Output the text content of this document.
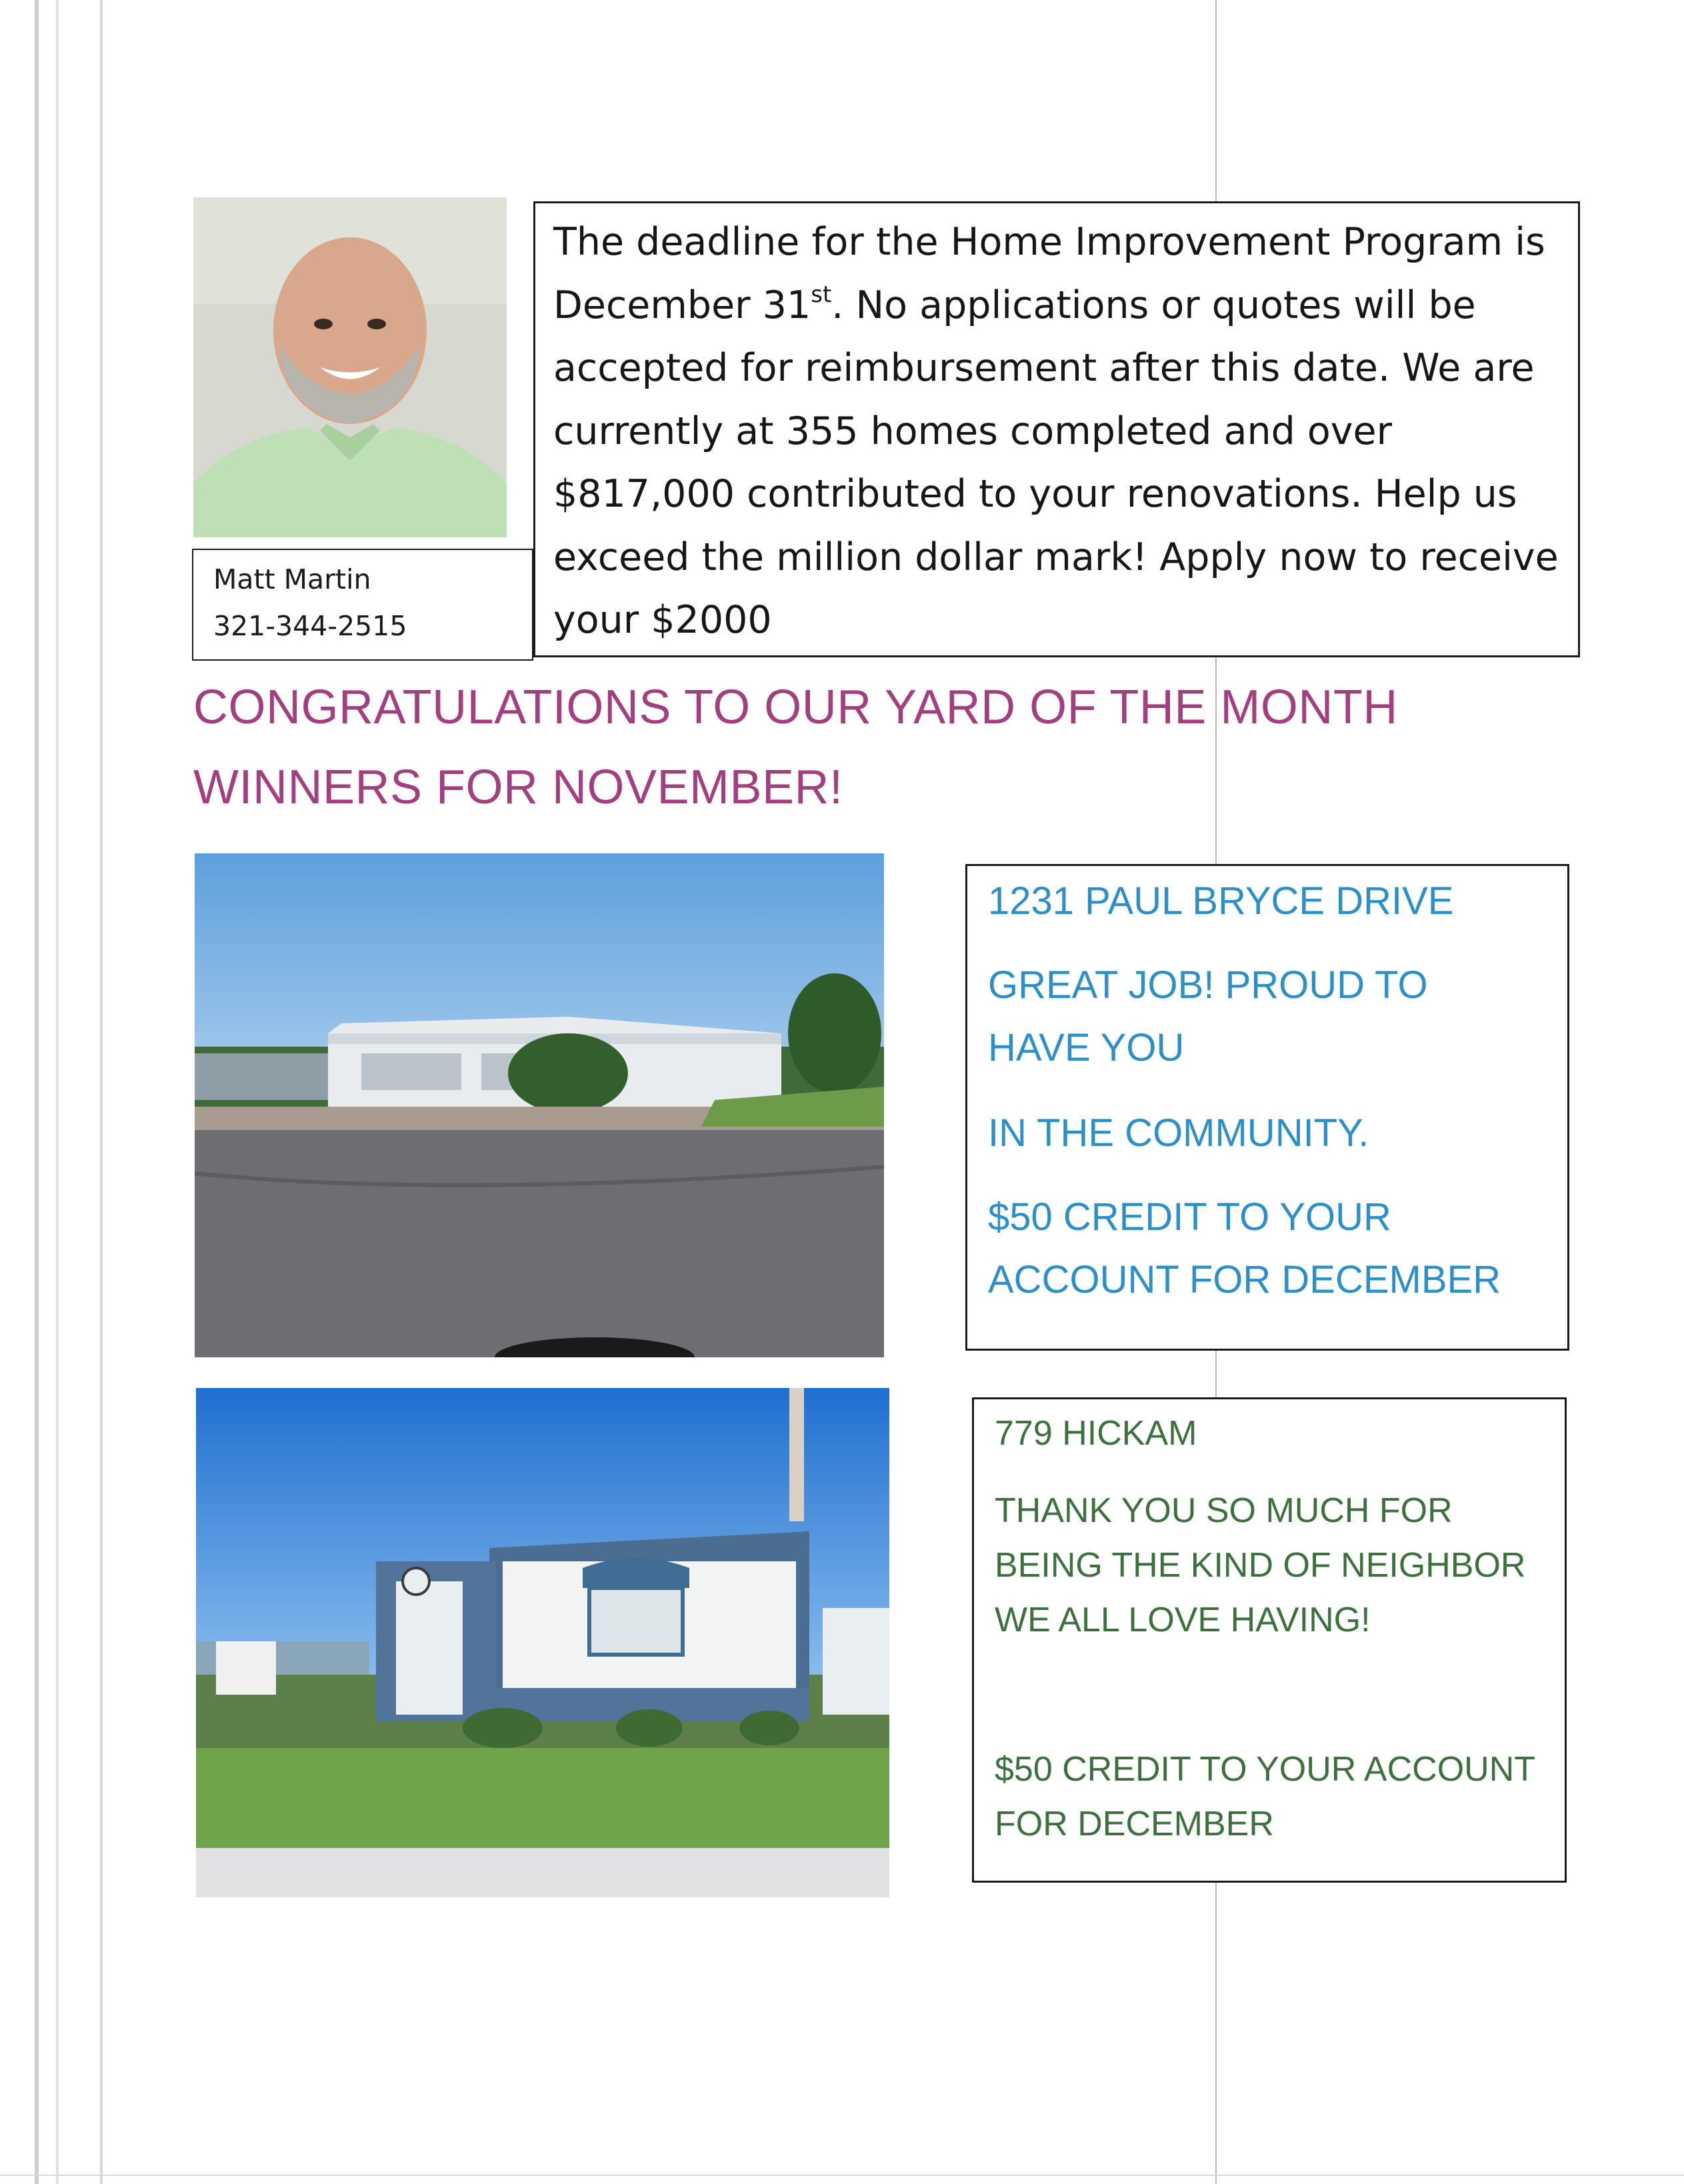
Matt Martin
321-344-2515
The deadline for the Home Improvement Program is
December 31st. No applications or quotes will be
accepted for reimbursement after this date. We are
currently at 355 homes completed and over
$817,000 contributed to your renovations. Help us
exceed the million dollar mark! Apply now to receive
your $2000
CONGRATULATIONS TO OUR YARD OF THE MONTH
WINNERS FOR NOVEMBER!
1231 PAUL BRYCE DRIVE
GREAT JOB! PROUD TO
HAVE YOU
IN THE COMMUNITY.
$50 CREDIT TO YOUR
ACCOUNT FOR DECEMBER
779 HICKAM
THANK YOU SO MUCH FOR
BEING THE KIND OF NEIGHBOR
WE ALL LOVE HAVING!
$50 CREDIT TO YOUR ACCOUNT
FOR DECEMBER
